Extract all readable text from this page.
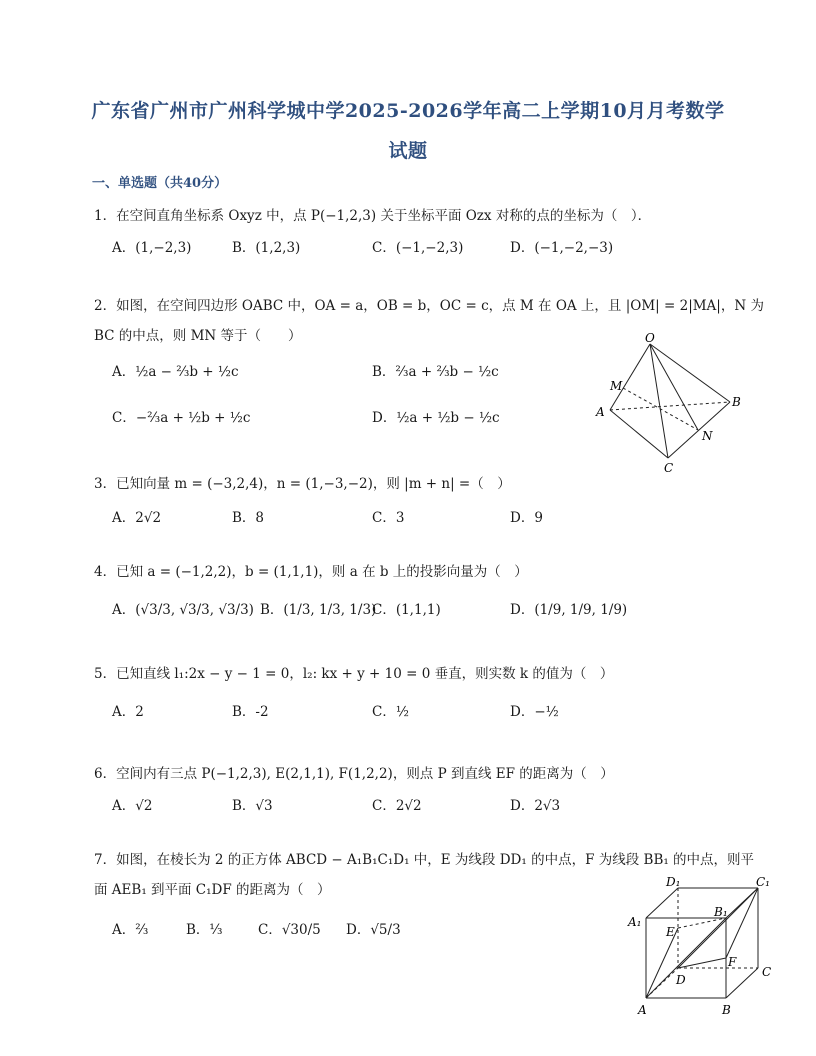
广东省广州市广州科学城中学2025-2026学年高二上学期10月月考数学
试题
一、单选题（共40分）
1．在空间直角坐标系 Oxyz 中，点 P(−1,2,3) 关于坐标平面 Ozx 对称的点的坐标为（　）．
A．(1,−2,3)	B．(1,2,3)	C．(−1,−2,3)	D．(−1,−2,−3)
2．如图，在空间四边形 OABC 中，OA = a，OB = b，OC = c，点 M 在 OA 上，且 |OM| = 2|MA|，N 为
BC 的中点，则 MN 等于（　　）
A．½a − ⅔b + ½c	B．⅔a + ⅔b − ½c
C．−⅔a + ½b + ½c	D．½a + ½b − ½c
O
M
A
B
N
C
3．已知向量 m = (−3,2,4)，n = (1,−3,−2)，则 |m + n| =（　）
A．2√2	B．8	C．3	D．9
4．已知 a = (−1,2,2)，b = (1,1,1)，则 a 在 b 上的投影向量为（　）
A．(√3/3, √3/3, √3/3) B．(1/3, 1/3, 1/3)
C．(1,1,1)	D．(1/9, 1/9, 1/9)
5．已知直线 l₁:2x − y − 1 = 0，l₂: kx + y + 10 = 0 垂直，则实数 k 的值为（　）
A．2	B．-2	C．½	D．−½
6．空间内有三点 P(−1,2,3), E(2,1,1), F(1,2,2)，则点 P 到直线 EF 的距离为（　）
A．√2	B．√3	C．2√2	D．2√3
7．如图，在棱长为 2 的正方体 ABCD − A₁B₁C₁D₁ 中，E 为线段 DD₁ 的中点，F 为线段 BB₁ 的中点，则平
面 AEB₁ 到平面 C₁DF 的距离为（　）
A．⅔	B．⅓	C．√30/5 D．√5/3
D₁	C₁
A₁
B₁
E
F
D
C
A	B
